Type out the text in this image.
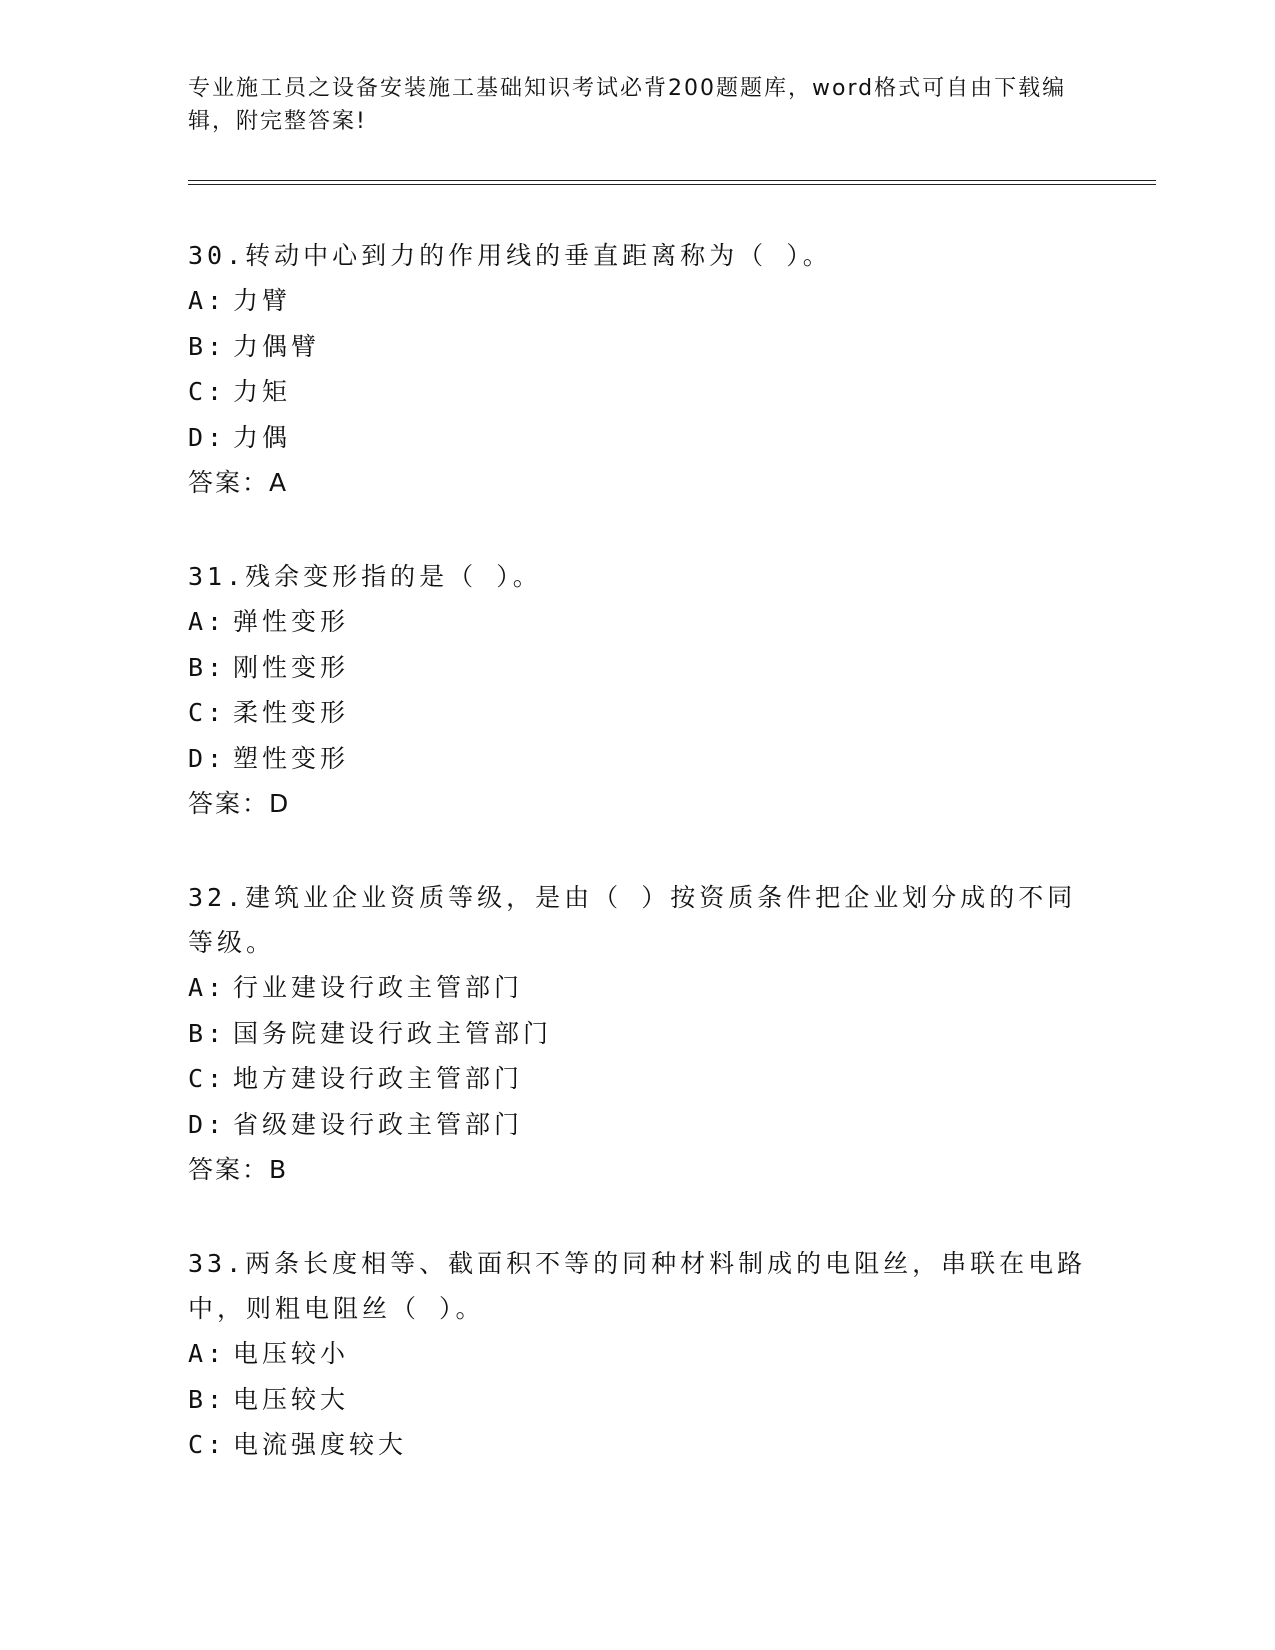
专业施工员之设备安装施工基础知识考试必背200题题库，word格式可自由下载编辑，附完整答案!

30.转动中心到力的作用线的垂直距离称为（ ）。

A: 力臂

B: 力偶臂

C: 力矩

D: 力偶

答案：A

31.残余变形指的是（ ）。

A: 弹性变形

B: 刚性变形

C: 柔性变形

D: 塑性变形

答案：D

32.建筑业企业资质等级，是由（ ）按资质条件把企业划分成的不同等级。

A: 行业建设行政主管部门

B: 国务院建设行政主管部门

C: 地方建设行政主管部门

D: 省级建设行政主管部门

答案：B

33.两条长度相等、截面积不等的同种材料制成的电阻丝，串联在电路中，则粗电阻丝（ ）。

A: 电压较小

B: 电压较大

C: 电流强度较大
